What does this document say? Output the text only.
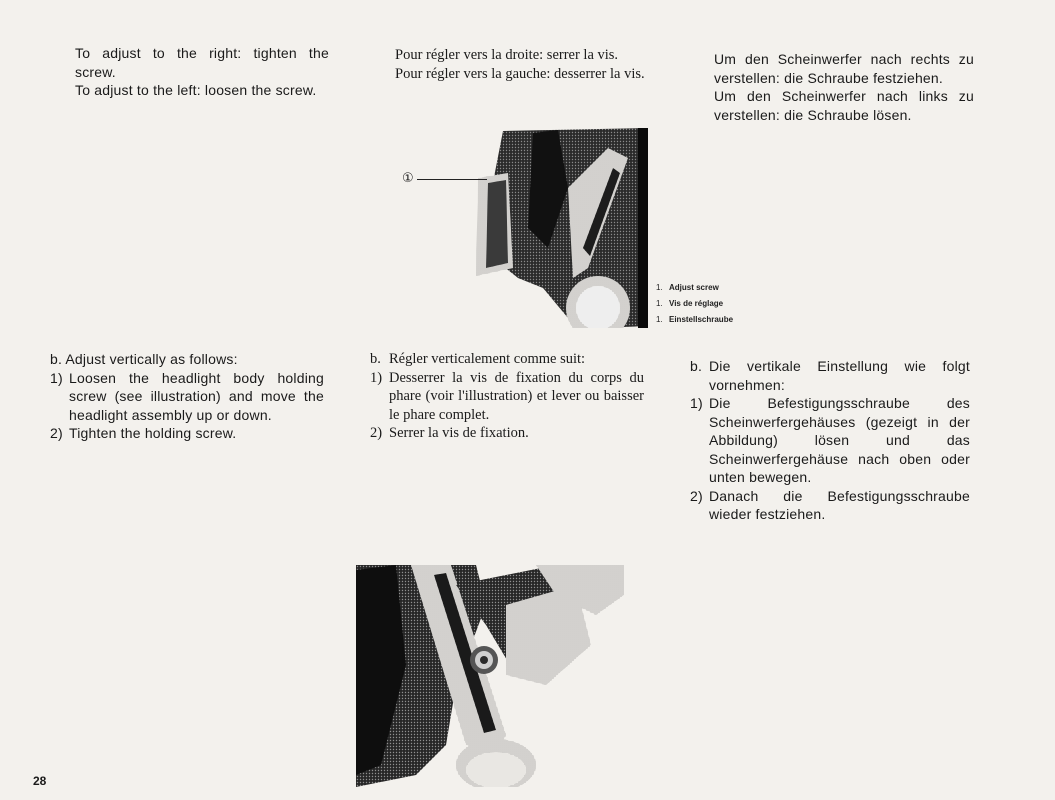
To adjust to the right: tighten the screw.

To adjust to the left: loosen the screw.

Pour régler vers la droite: serrer la vis.

Pour régler vers la gauche: desserrer la vis.

Um den Scheinwerfer nach rechts zu verstellen: die Schraube festziehen.

Um den Scheinwerfer nach links zu verstellen: die Schraube lösen.

①
1. Adjust screw
1. Vis de réglage
1. Einstellschraube

b. Adjust vertically as follows:

1) Loosen the headlight body holding screw (see illustration) and move the headlight assembly up or down.

2) Tighten the holding screw.

b. Régler verticalement comme suit:

1) Desserrer la vis de fixation du corps du phare (voir l'illustration) et lever ou baisser le phare complet.

2) Serrer la vis de fixation.

b. Die vertikale Einstellung wie folgt vornehmen:

1) Die Befestigungsschraube des Scheinwerfergehäuses (gezeigt in der Abbildung) lösen und das Scheinwerfergehäuse nach oben oder unten bewegen.

2) Danach die Befestigungsschraube wieder festziehen.

28
